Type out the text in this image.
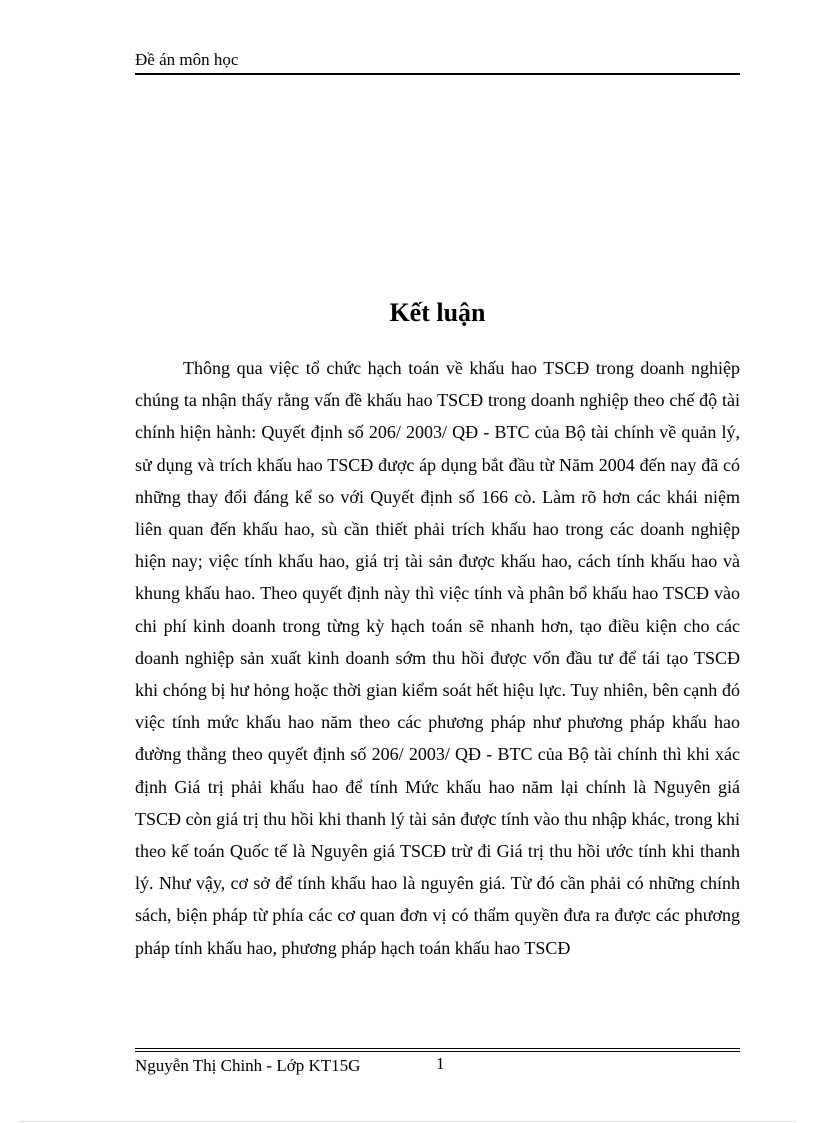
Đề án môn học
Kết luận

Thông qua việc tổ chức hạch toán về khấu hao TSCĐ trong doanh nghiệp chúng ta nhận thấy rằng vấn đề khấu hao TSCĐ trong doanh nghiệp theo chế độ tài chính hiện hành: Quyết định số 206/ 2003/ QĐ - BTC của Bộ tài chính về quản lý, sử dụng và trích khấu hao TSCĐ được áp dụng bắt đầu từ Năm 2004 đến nay đã có những thay đổi đáng kể so với Quyết định số 166 cò. Làm rõ hơn các khái niệm liên quan đến khấu hao, sù cần thiết phải trích khấu hao trong các doanh nghiệp hiện nay; việc tính khấu hao, giá trị tài sản được khấu hao, cách tính khấu hao và khung khấu hao. Theo quyết định này thì việc tính và phân bổ khấu hao TSCĐ vào chi phí kinh doanh trong từng kỳ hạch toán sẽ nhanh hơn, tạo điều kiện cho các doanh nghiệp sản xuất kinh doanh sớm thu hồi được vốn đầu tư để tái tạo TSCĐ khi chóng bị hư hỏng hoặc thời gian kiểm soát hết hiệu lực. Tuy nhiên, bên cạnh đó việc tính mức khấu hao năm theo các phương pháp như phương pháp khấu hao đường thẳng theo quyết định số 206/ 2003/ QĐ - BTC của Bộ tài chính thì khi xác định Giá trị phải khấu hao để tính Mức khấu hao năm lại chính là Nguyên giá TSCĐ còn giá trị thu hồi khi thanh lý tài sản được tính vào thu nhập khác, trong khi theo kế toán Quốc tế là Nguyên giá TSCĐ trừ đi Giá trị thu hồi ước tính khi thanh lý. Như vậy, cơ sở để tính khấu hao là nguyên giá. Từ đó cần phải có những chính sách, biện pháp từ phía các cơ quan đơn vị có thẩm quyền đưa ra được các phương pháp tính khấu hao, phương pháp hạch toán khấu hao TSCĐ

Nguyễn Thị Chinh - Lớp KT15G	1
